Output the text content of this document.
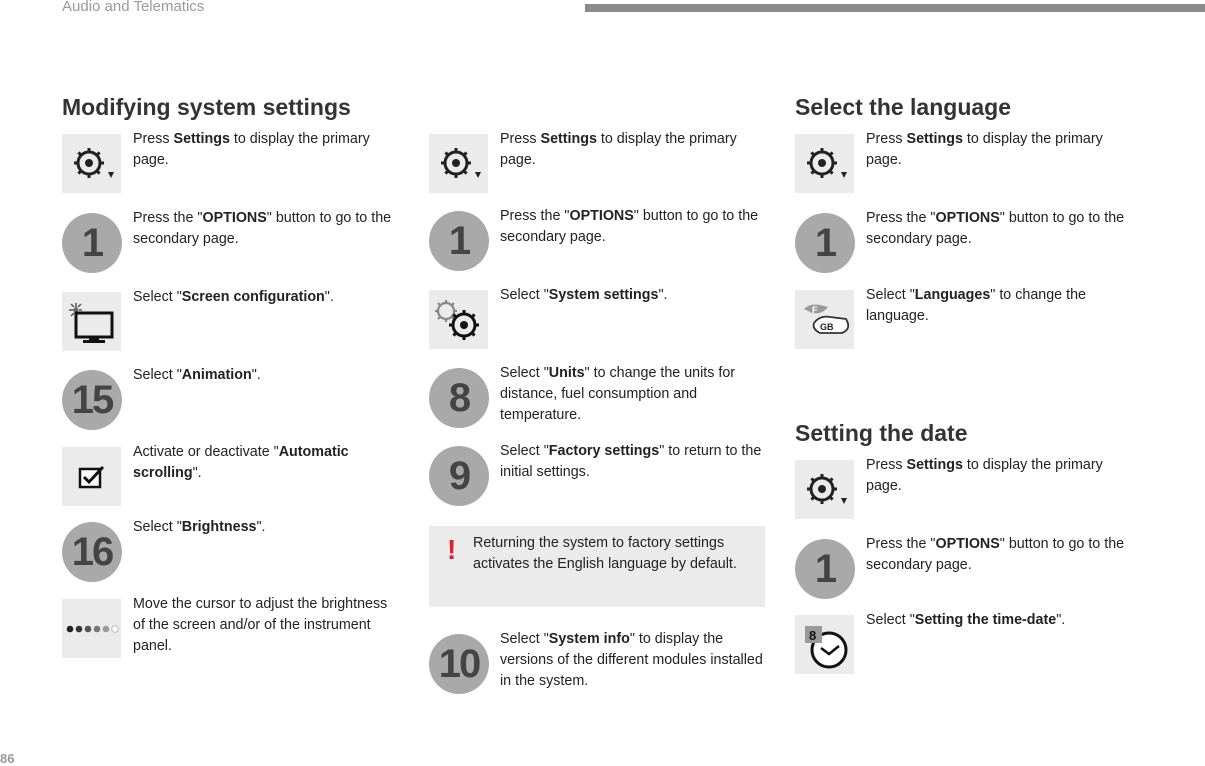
Audio and Telematics
86
Modifying system settings	Select the language
Setting the date
Press Settings to display the primary page.
1
Press the "OPTIONS" button to go to the secondary page.
Select "Screen configuration".
15
Select "Animation".
Activate or deactivate "Automatic scrolling".
16
Select "Brightness".
Move the cursor to adjust the brightness of the screen and/or of the instrument panel.
Press Settings to display the primary page.
1
Press the "OPTIONS" button to go to the secondary page.
Select "System settings".
8
Select "Units" to change the units for distance, fuel consumption and temperature.
9
Select "Factory settings" to return to the initial settings.
! Returning the system to factory settings activates the English language by default.
10
Select "System info" to display the versions of the different modules installed in the system.
Press Settings to display the primary page.
1
Press the "OPTIONS" button to go to the secondary page.
F
GB
Select "Languages" to change the language.
Press Settings to display the primary page.
1
Press the "OPTIONS" button to go to the secondary page.
8
Select "Setting the time-date".
